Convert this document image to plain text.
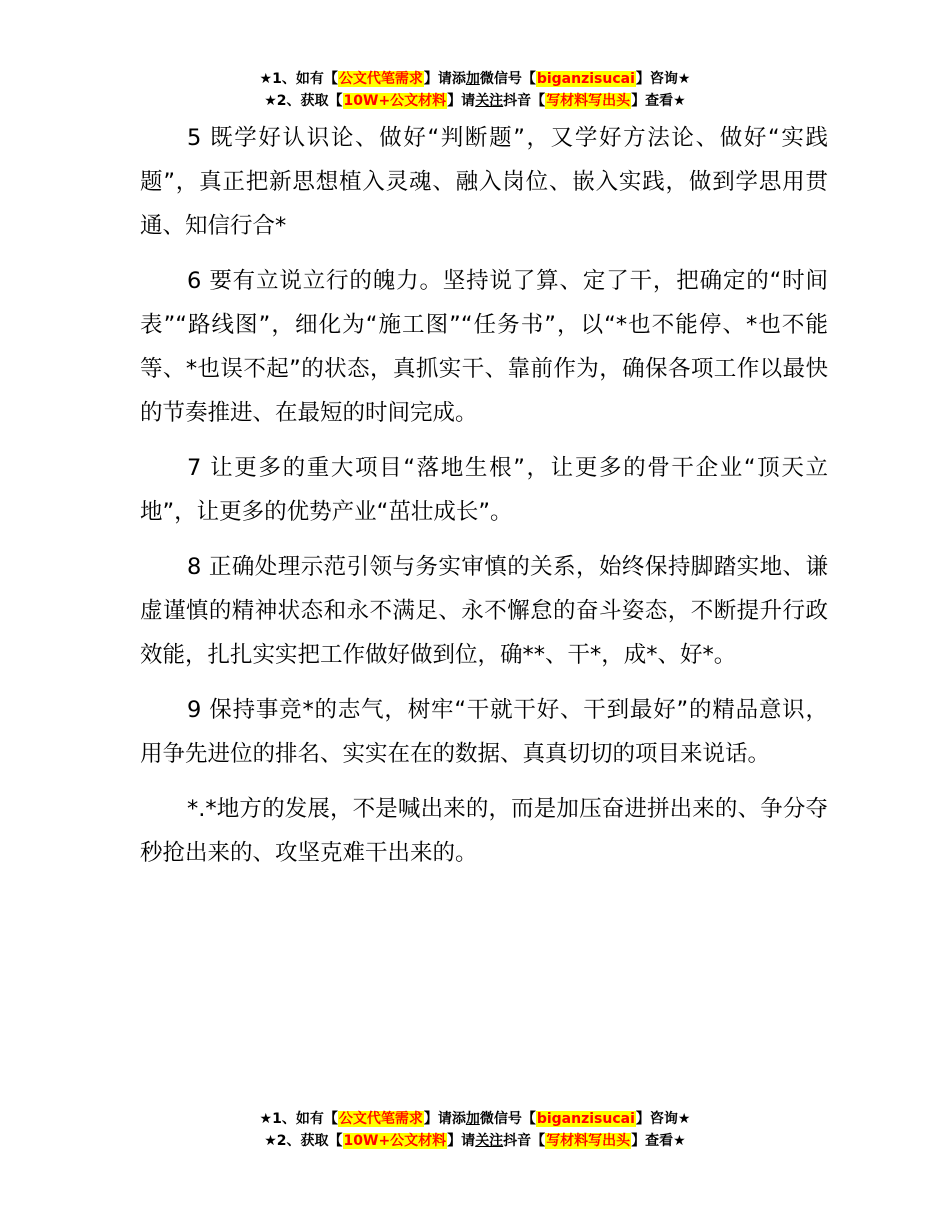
★1、如有【公文代笔需求】请添加微信号【biganzisucai】咨询★
★2、获取【10W+公文材料】请关注抖音【写材料写出头】查看★

5 既学好认识论、做好“判断题”，又学好方法论、做好“实践题”，真正把新思想植入灵魂、融入岗位、嵌入实践，做到学思用贯通、知信行合*

6 要有立说立行的魄力。坚持说了算、定了干，把确定的“时间表”“路线图”，细化为“施工图”“任务书”，以“*也不能停、*也不能等、*也误不起”的状态，真抓实干、靠前作为，确保各项工作以最快的节奏推进、在最短的时间完成。

7 让更多的重大项目“落地生根”，让更多的骨干企业“顶天立地”，让更多的优势产业“茁壮成长”。

8 正确处理示范引领与务实审慎的关系，始终保持脚踏实地、谦虚谨慎的精神状态和永不满足、永不懈怠的奋斗姿态，不断提升行政效能，扎扎实实把工作做好做到位，确**、干*，成*、好*。

9 保持事竞*的志气，树牢“干就干好、干到最好”的精品意识，用争先进位的排名、实实在在的数据、真真切切的项目来说话。

*.*地方的发展，不是喊出来的，而是加压奋进拼出来的、争分夺秒抢出来的、攻坚克难干出来的。

★1、如有【公文代笔需求】请添加微信号【biganzisucai】咨询★
★2、获取【10W+公文材料】请关注抖音【写材料写出头】查看★
